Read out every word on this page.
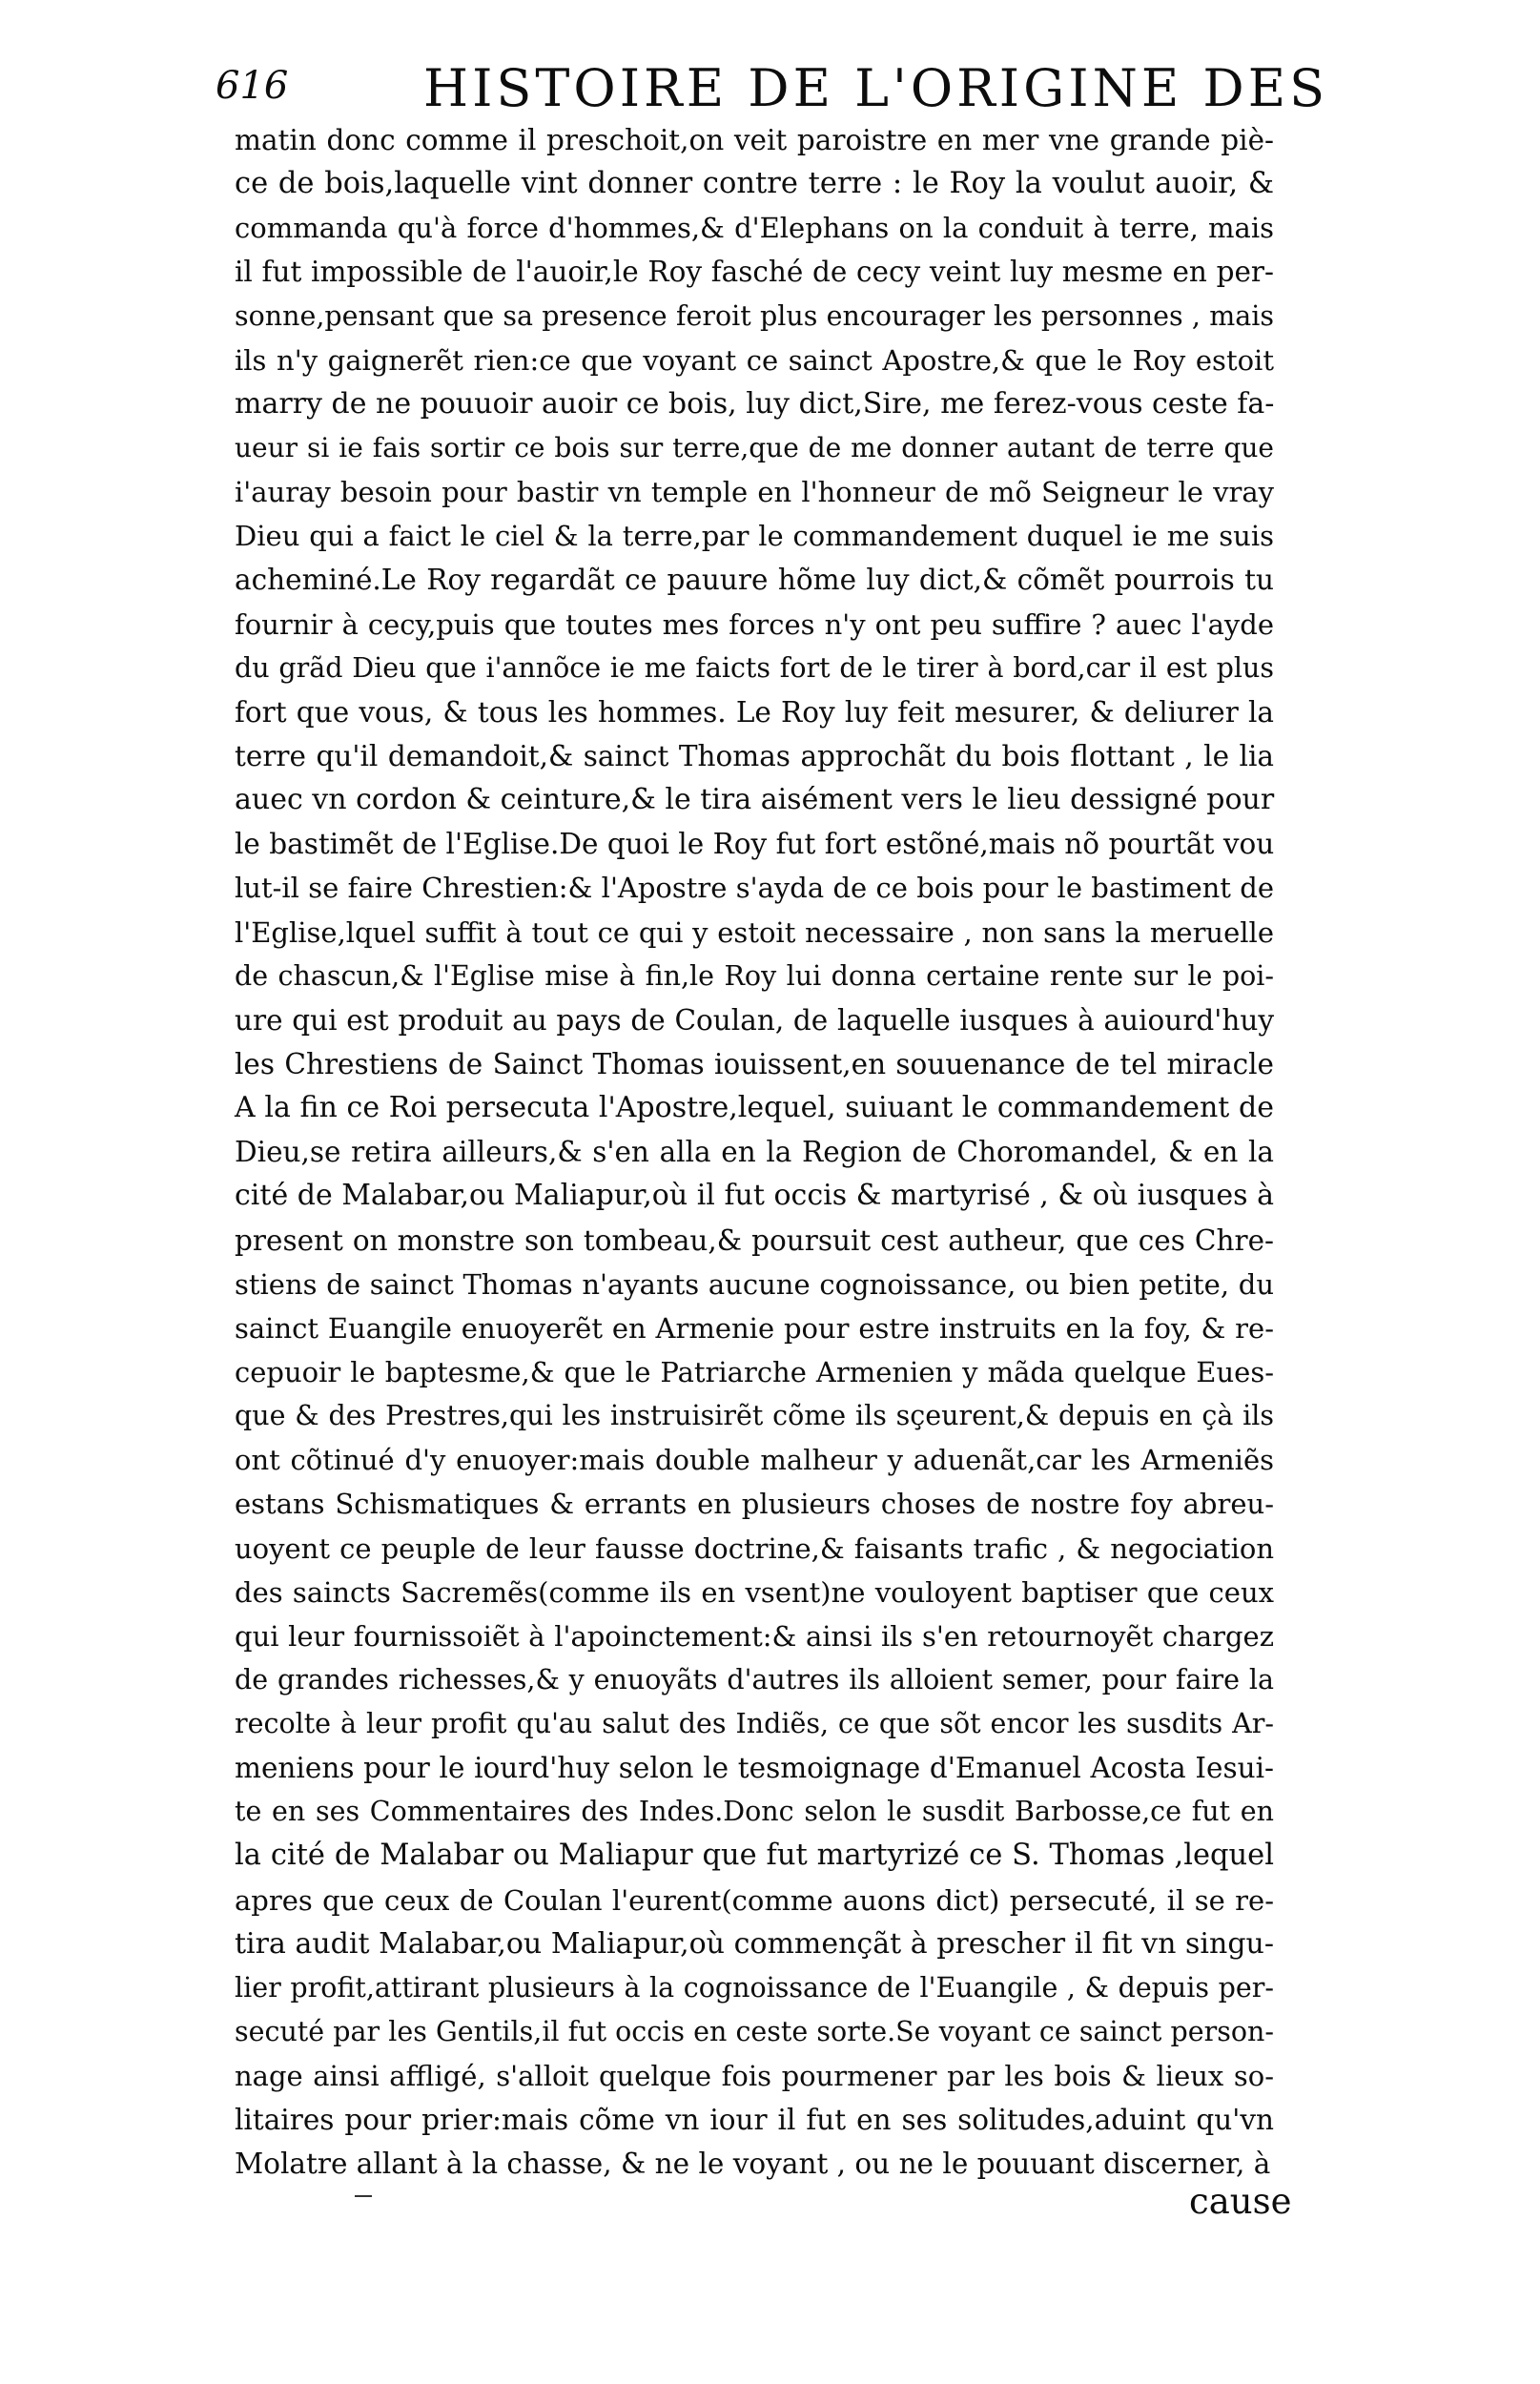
616	HISTOIRE DE L'ORIGINE DES
matin donc comme il preschoit,on veit paroistre en mer vne grande piè-
ce de bois,laquelle vint donner contre terre : le Roy la voulut auoir, &
commanda qu'à force d'hommes,& d'Elephans on la conduit à terre, mais
il fut impossible de l'auoir,le Roy fasché de cecy veint luy mesme en per-
sonne,pensant que sa presence feroit plus encourager les personnes , mais
ils n'y gaignerẽt rien:ce que voyant ce sainct Apostre,& que le Roy estoit
marry de ne pouuoir auoir ce bois, luy dict,Sire, me ferez-vous ceste fa-
ueur si ie fais sortir ce bois sur terre,que de me donner autant de terre que
i'auray besoin pour bastir vn temple en l'honneur de mõ Seigneur le vray
Dieu qui a faict le ciel & la terre,par le commandement duquel ie me suis
acheminé.Le Roy regardãt ce pauure hõme luy dict,& cõmẽt pourrois tu
fournir à cecy,puis que toutes mes forces n'y ont peu suffire ? auec l'ayde
du grãd Dieu que i'annõce ie me faicts fort de le tirer à bord,car il est plus
fort que vous, & tous les hommes. Le Roy luy feit mesurer, & deliurer la
terre qu'il demandoit,& sainct Thomas approchãt du bois flottant , le lia
auec vn cordon & ceinture,& le tira aisément vers le lieu dessigné pour
le bastimẽt de l'Eglise.De quoi le Roy fut fort estõné,mais nõ pourtãt vou
lut-il se faire Chrestien:& l'Apostre s'ayda de ce bois pour le bastiment de
l'Eglise,lquel suffit à tout ce qui y estoit necessaire , non sans la meruelle
de chascun,& l'Eglise mise à fin,le Roy lui donna certaine rente sur le poi-
ure qui est produit au pays de Coulan, de laquelle iusques à auiourd'huy
les Chrestiens de Sainct Thomas iouissent,en souuenance de tel miracle
A la fin ce Roi persecuta l'Apostre,lequel, suiuant le commandement de
Dieu,se retira ailleurs,& s'en alla en la Region de Choromandel, & en la
cité de Malabar,ou Maliapur,où il fut occis & martyrisé , & où iusques à
present on monstre son tombeau,& poursuit cest autheur, que ces Chre-
stiens de sainct Thomas n'ayants aucune cognoissance, ou bien petite, du
sainct Euangile enuoyerẽt en Armenie pour estre instruits en la foy, & re-
cepuoir le baptesme,& que le Patriarche Armenien y mãda quelque Eues-
que & des Prestres,qui les instruisirẽt cõme ils sçeurent,& depuis en çà ils
ont cõtinué d'y enuoyer:mais double malheur y aduenãt,car les Armeniẽs
estans Schismatiques & errants en plusieurs choses de nostre foy abreu-
uoyent ce peuple de leur fausse doctrine,& faisants trafic , & negociation
des saincts Sacremẽs(comme ils en vsent)ne vouloyent baptiser que ceux
qui leur fournissoiẽt à l'apoinctement:& ainsi ils s'en retournoyẽt chargez
de grandes richesses,& y enuoyãts d'autres ils alloient semer, pour faire la
recolte à leur profit qu'au salut des Indiẽs, ce que sõt encor les susdits Ar-
meniens pour le iourd'huy selon le tesmoignage d'Emanuel Acosta Iesui-
te en ses Commentaires des Indes.Donc selon le susdit Barbosse,ce fut en
la cité de Malabar ou Maliapur que fut martyrizé ce S. Thomas ,lequel
apres que ceux de Coulan l'eurent(comme auons dict) persecuté, il se re-
tira audit Malabar,ou Maliapur,où commençãt à prescher il fit vn singu-
lier profit,attirant plusieurs à la cognoissance de l'Euangile , & depuis per-
secuté par les Gentils,il fut occis en ceste sorte.Se voyant ce sainct person-
nage ainsi affligé, s'alloit quelque fois pourmener par les bois & lieux so-
litaires pour prier:mais cõme vn iour il fut en ses solitudes,aduint qu'vn
Molatre allant à la chasse, & ne le voyant , ou ne le pouuant discerner, à
cause
